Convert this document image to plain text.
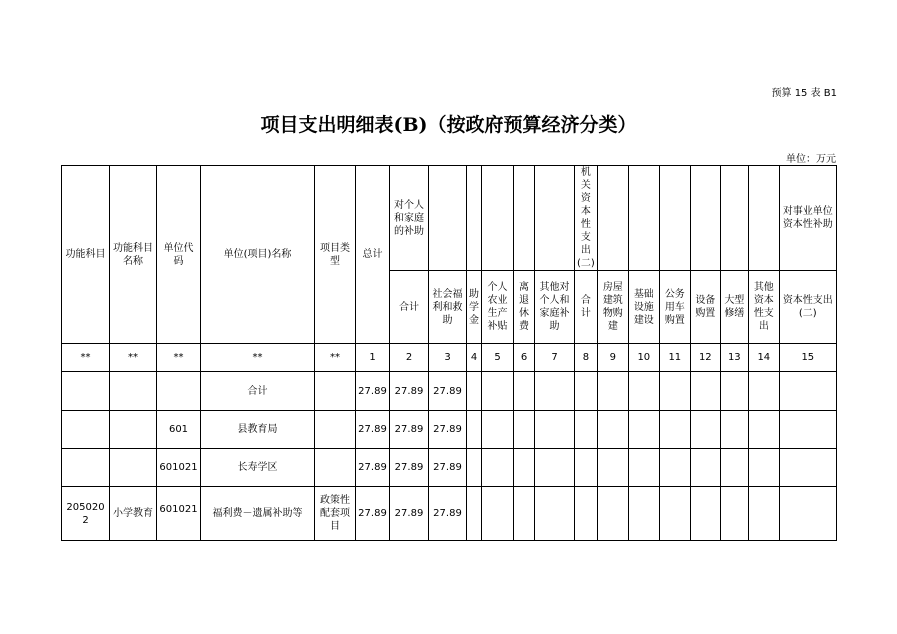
预算 15 表 B1
项目支出明细表(B)（按政府预算经济分类）
单位：万元
功能科目	功能科目名称	单位代码	单位(项目)名称	项目类型	总计	对个人和家庭的补助						机关资本性支出(二)							对事业单位资本性补助
						合计	社会福利和救助	助学金	个人农业生产补贴	离退休费	其他对个人和家庭补助	合计	房屋建筑物购建	基础设施建设	公务用车购置	设备购置	大型修缮	其他资本性支出	资本性支出(二)
**	**	**	**	**	1	2	3	4	5	6	7	8	9	10	11	12	13	14	15
			合计		27.89	27.89	27.89												
		601	县教育局		27.89	27.89	27.89												
		601021	长寿学区		27.89	27.89	27.89												
2050202	小学教育	601021	福利费－遗属补助等	政策性配套项目	27.89	27.89	27.89												
